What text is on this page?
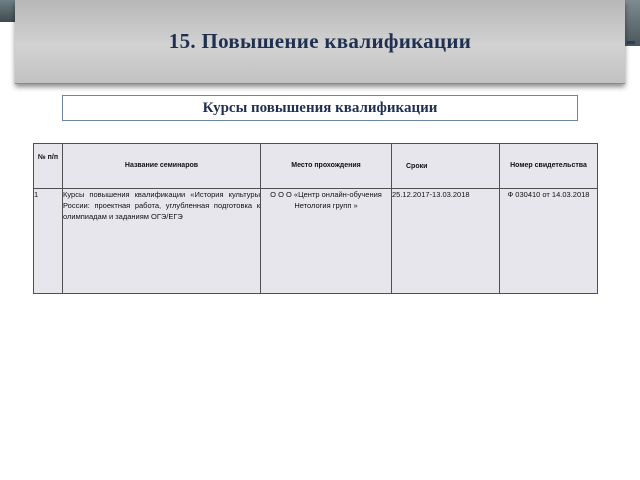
15. Повышение квалификации
Курсы повышения квалификации
№ п/п	Название семинаров	Место прохождения	Сроки	Номер свидетельства

1	Курсы повышения квалификации «История культуры России: проектная работа, углубленная подготовка к олимпиадам и заданиям ОГЭ/ЕГЭ	О О О «Центр онлайн-обучения Нетология групп »	25.12.2017-13.03.2018	Ф 030410 от 14.03.2018
